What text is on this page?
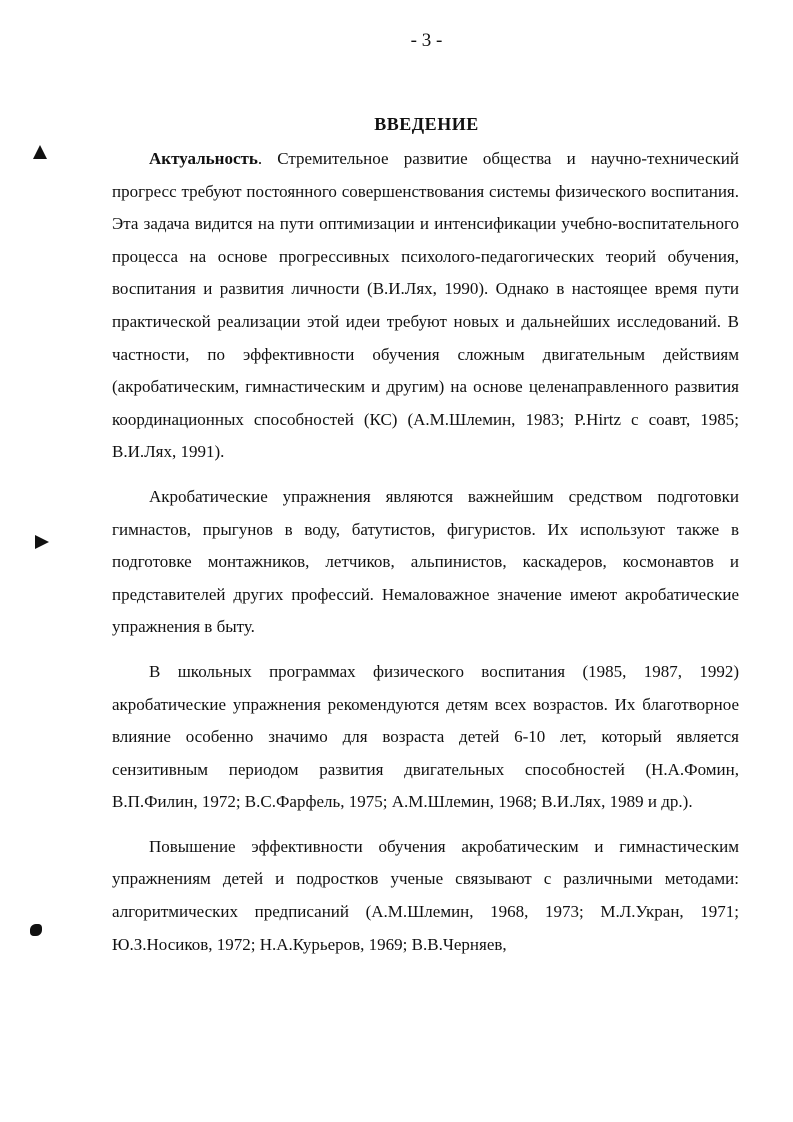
- 3 -
ВВЕДЕНИЕ

Актуальность. Стремительное развитие общества и научно-технический прогресс требуют постоянного совершенствования системы физического воспитания. Эта задача видится на пути оптимизации и интенсификации учебно-воспитательного процесса на основе прогрессивных психолого-педагогических теорий обучения, воспитания и развития личности (В.И.Лях, 1990). Однако в настоящее время пути практической реализации этой идеи требуют новых и дальнейших исследований. В частности, по эффективности обучения сложным двигательным действиям (акробатическим, гимнастическим и другим) на основе целенаправленного развития координационных способностей (КС) (А.М.Шлемин, 1983; P.Hirtz с соавт, 1985; В.И.Лях, 1991).

Акробатические упражнения являются важнейшим средством подготовки гимнастов, прыгунов в воду, батутистов, фигуристов. Их используют также в подготовке монтажников, летчиков, альпинистов, каскадеров, космонавтов и представителей других профессий. Немаловажное значение имеют акробатические упражнения в быту.

В школьных программах физического воспитания (1985, 1987, 1992) акробатические упражнения рекомендуются детям всех возрастов. Их благотворное влияние особенно значимо для возраста детей 6-10 лет, который является сензитивным периодом развития двигательных способностей (Н.А.Фомин, В.П.Филин, 1972; В.С.Фарфель, 1975; А.М.Шлемин, 1968; В.И.Лях, 1989 и др.).

Повышение эффективности обучения акробатическим и гимнастическим упражнениям детей и подростков ученые связывают с различными методами: алгоритмических предписаний (А.М.Шлемин, 1968, 1973; М.Л.Укран, 1971; Ю.З.Носиков, 1972; Н.А.Курьеров, 1969; В.В.Черняев,
